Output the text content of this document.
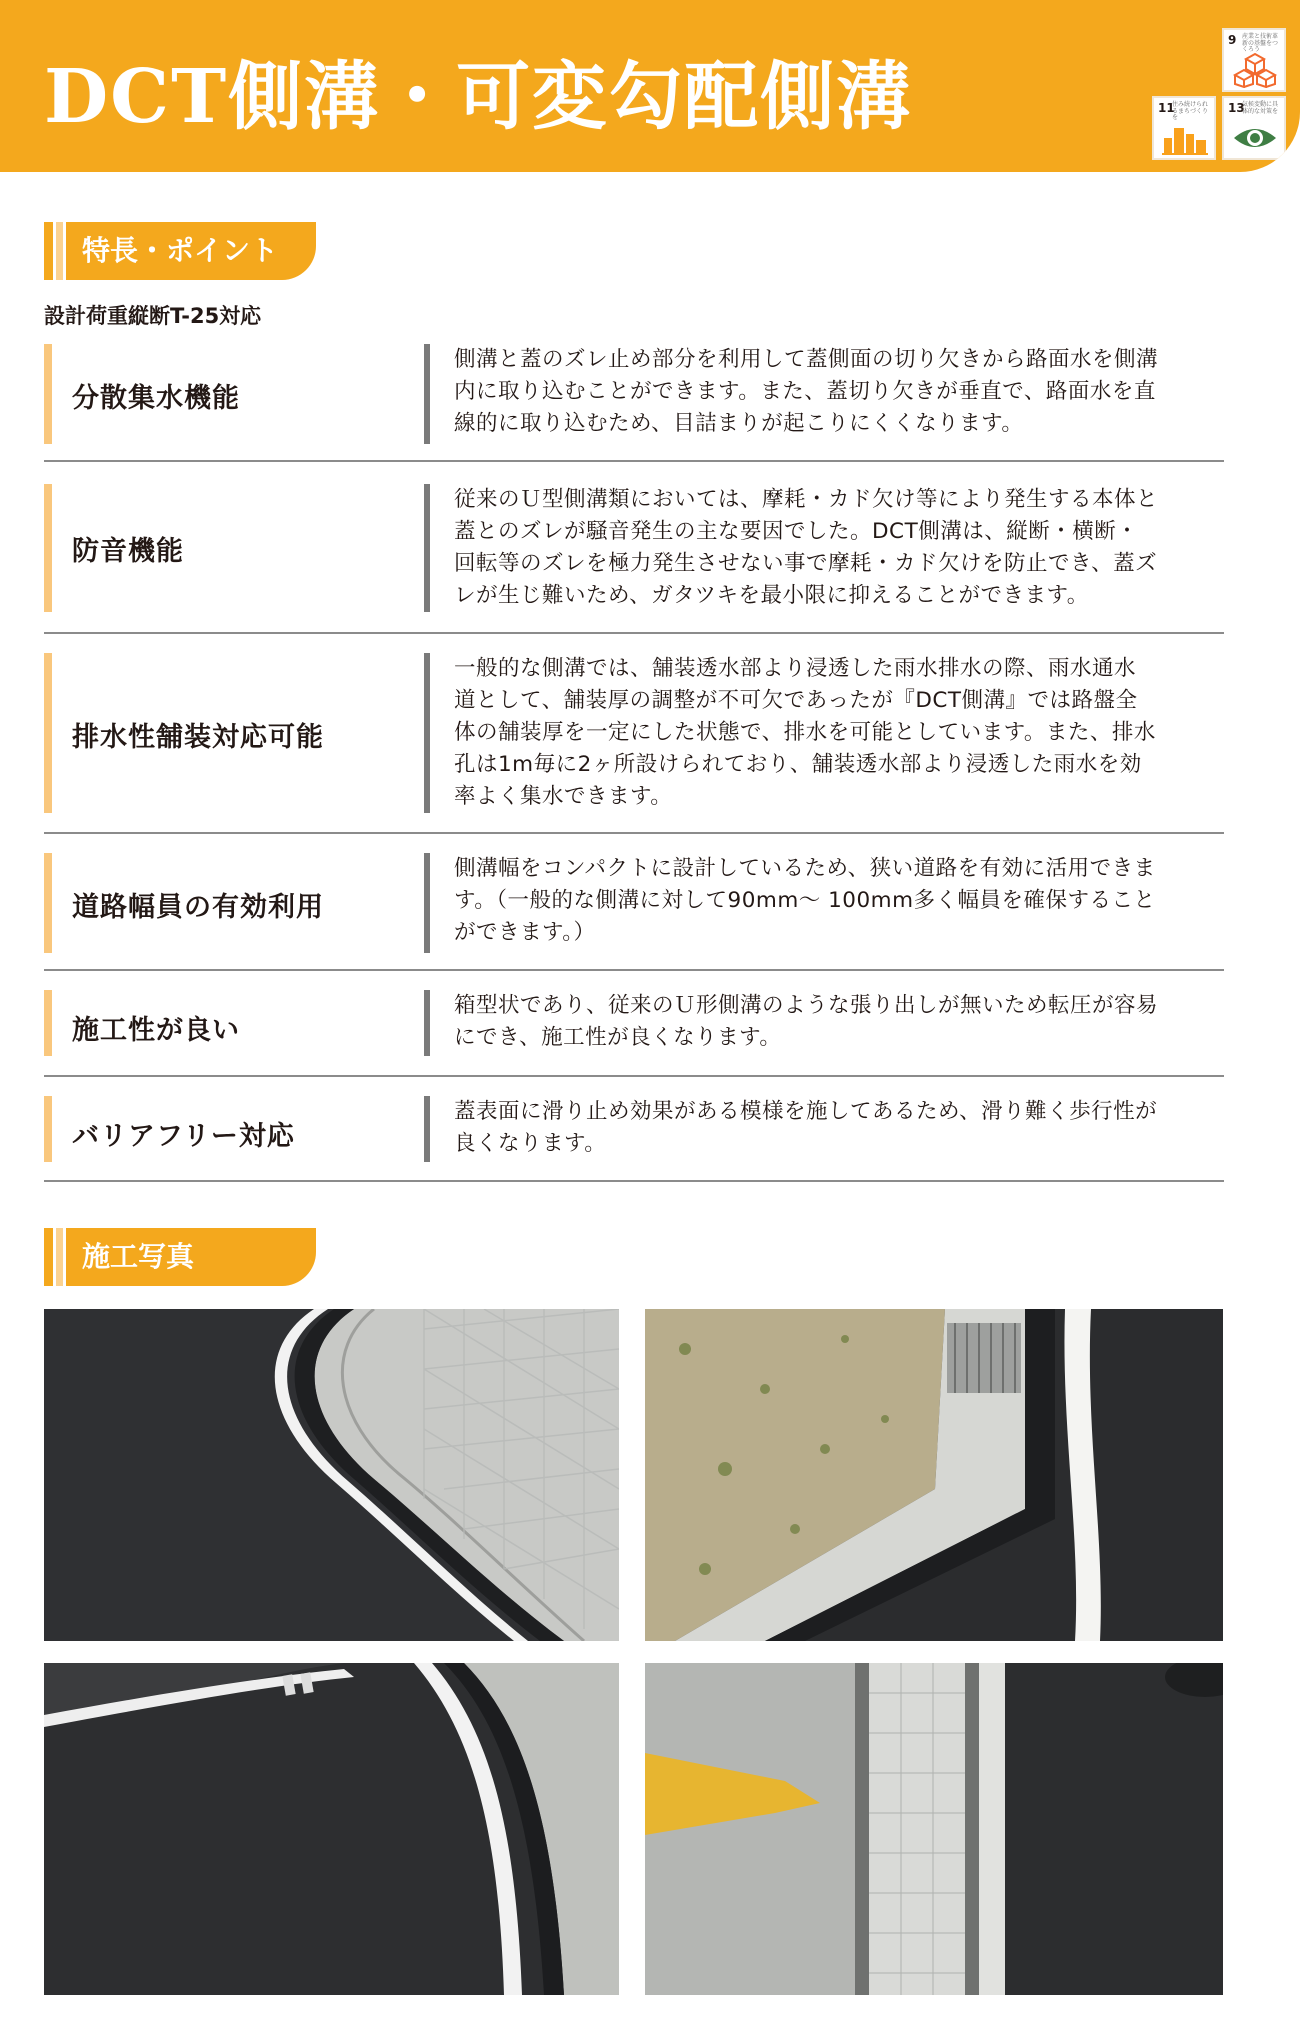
DCT側溝・可変勾配側溝
9 産業と技術革新の基盤をつくろう
11
住み続けられるまちづくりを
13
気候変動に具体的な対策を
特長・ポイント
設計荷重縦断T-25対応
分散集水機能
側溝と蓋のズレ止め部分を利用して蓋側面の切り欠きから路面水を側溝
内に取り込むことができます。また、蓋切り欠きが垂直で、路面水を直
線的に取り込むため、目詰まりが起こりにくくなります。
防音機能
従来のＵ型側溝類においては、摩耗・カド欠け等により発生する本体と
蓋とのズレが騒音発生の主な要因でした。DCT側溝は、縦断・横断・
回転等のズレを極力発生させない事で摩耗・カド欠けを防止でき、蓋ズ
レが生じ難いため、ガタツキを最小限に抑えることができます。
排水性舗装対応可能
一般的な側溝では、舗装透水部より浸透した雨水排水の際、雨水通水
道として、舗装厚の調整が不可欠であったが『DCT側溝』では路盤全
体の舗装厚を一定にした状態で、排水を可能としています。また、排水
孔は1m毎に2ヶ所設けられており、舗装透水部より浸透した雨水を効
率よく集水できます。
道路幅員の有効利用
側溝幅をコンパクトに設計しているため、狭い道路を有効に活用できま
す。（一般的な側溝に対して90mm～ 100mm多く幅員を確保すること
ができます。）
施工性が良い
箱型状であり、従来のＵ形側溝のような張り出しが無いため転圧が容易
にでき、施工性が良くなります。
バリアフリー対応
蓋表面に滑り止め効果がある模様を施してあるため、滑り難く歩行性が
良くなります。
施工写真
